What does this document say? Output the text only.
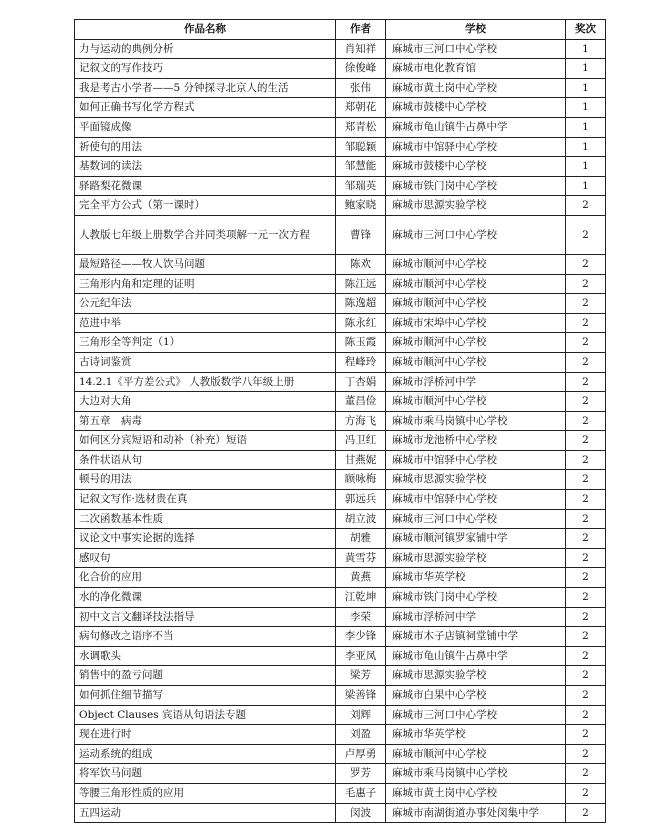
作品名称	作者	学校	奖次
力与运动的典例分析	肖知祥	麻城市三河口中心学校	1
记叙文的写作技巧	徐俊峰	麻城市电化教育馆	1
我是考古小学者——5 分钟探寻北京人的生活	张伟	麻城市黄土岗中心学校	1
如何正确书写化学方程式	郑朝花	麻城市鼓楼中心学校	1
平面镜成像	郑青松	麻城市龟山镇牛占鼻中学	1
祈使句的用法	邹聪颖	麻城市中馆驿中心学校	1
基数词的读法	邹慧能	麻城市鼓楼中心学校	1
驿路梨花微课	邹瑞英	麻城市铁门岗中心学校	1
完全平方公式（第一课时）	鲍家晓	麻城市思源实验学校	2
人教版七年级上册数学合并同类项解一元一次方程	曹锋	麻城市三河口中心学校	2
最短路径——牧人饮马问题	陈欢	麻城市顺河中心学校	2
三角形内角和定理的证明	陈江远	麻城市顺河中心学校	2
公元纪年法	陈逸超	麻城市顺河中心学校	2
范进中举	陈永红	麻城市宋埠中心学校	2
三角形全等判定（1）	陈玉霞	麻城市顺河中心学校	2
古诗词鉴赏	程峰玲	麻城市顺河中心学校	2
14.2.1《平方差公式》 人教版数学八年级上册	丁杏娟	麻城市浮桥河中学	2
大边对大角	董昌俭	麻城市顺河中心学校	2
第五章　病毒	方海飞	麻城市乘马岗镇中心学校	2
如何区分宾短语和动补（补充）短语	冯卫红	麻城市龙池桥中心学校	2
条件状语从句	甘燕妮	麻城市中馆驿中心学校	2
顿号的用法	顾咏梅	麻城市思源实验学校	2
记叙文写作·选材贵在真	郭远兵	麻城市中馆驿中心学校	2
二次函数基本性质	胡立波	麻城市三河口中心学校	2
议论文中事实论据的选择	胡雅	麻城市顺河镇罗家铺中学	2
感叹句	黄雪芬	麻城市思源实验学校	2
化合价的应用	黄燕	麻城市华英学校	2
水的净化微课	江乾坤	麻城市铁门岗中心学校	2
初中文言文翻译技法指导	李荣	麻城市浮桥河中学	2
病句修改之语序不当	李少锋	麻城市木子店镇祠堂铺中学	2
水调歌头	李亚凤	麻城市龟山镇牛占鼻中学	2
销售中的盈亏问题	梁芳	麻城市思源实验学校	2
如何抓住细节描写	梁善锋	麻城市白果中心学校	2
Object Clauses 宾语从句语法专题	刘辉	麻城市三河口中心学校	2
现在进行时	刘盈	麻城市华英学校	2
运动系统的组成	卢厚勇	麻城市顺河中心学校	2
将军饮马问题	罗芳	麻城市乘马岗镇中心学校	2
等腰三角形性质的应用	毛惠子	麻城市黄土岗中心学校	2
五四运动	闵波	麻城市南湖街道办事处闵集中学	2
